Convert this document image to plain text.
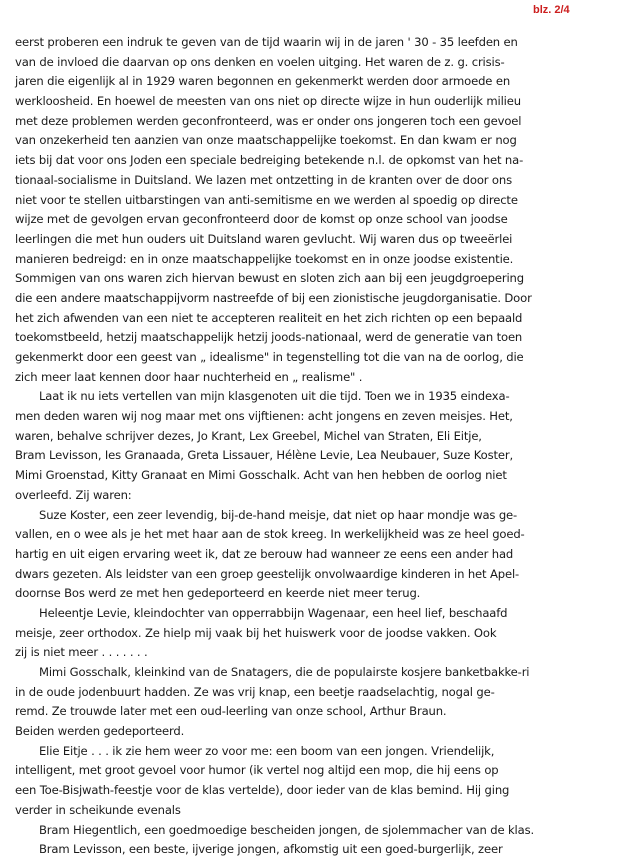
blz. 2/4
eerst proberen een indruk te geven van de tijd waarin wij in de jaren ' 30 - 35 leefden en
van de invloed die daarvan op ons denken en voelen uitging. Het waren de z. g. crisis-
jaren die eigenlijk al in 1929 waren begonnen en gekenmerkt werden door armoede en
werkloosheid. En hoewel de meesten van ons niet op directe wijze in hun ouderlijk milieu
met deze problemen werden geconfronteerd, was er onder ons jongeren toch een gevoel
van onzekerheid ten aanzien van onze maatschappelijke toekomst. En dan kwam er nog
iets bij dat voor ons Joden een speciale bedreiging betekende n.l. de opkomst van het na-
tionaal-socialisme in Duitsland. We lazen met ontzetting in de kranten over de door ons
niet voor te stellen uitbarstingen van anti-semitisme en we werden al spoedig op directe
wijze met de gevolgen ervan geconfronteerd door de komst op onze school van joodse
leerlingen die met hun ouders uit Duitsland waren gevlucht. Wij waren dus op tweeërlei
manieren bedreigd: en in onze maatschappelijke toekomst en in onze joodse existentie.
Sommigen van ons waren zich hiervan bewust en sloten zich aan bij een jeugdgroepering
die een andere maatschappijvorm nastreefde of bij een zionistische jeugdorganisatie. Door
het zich afwenden van een niet te accepteren realiteit en het zich richten op een bepaald
toekomstbeeld, hetzij maatschappelijk hetzij joods-nationaal, werd de generatie van toen
gekenmerkt door een geest van „ idealisme" in tegenstelling tot die van na de oorlog, die
zich meer laat kennen door haar nuchterheid en „ realisme" .
Laat ik nu iets vertellen van mijn klasgenoten uit die tijd. Toen we in 1935 eindexa-
men deden waren wij nog maar met ons vijftienen: acht jongens en zeven meisjes. Het,
waren, behalve schrijver dezes, Jo Krant, Lex Greebel, Michel van Straten, Eli Eitje,
Bram Levisson, Ies Granaada, Greta Lissauer, Hélène Levie, Lea Neubauer, Suze Koster,
Mimi Groenstad, Kitty Granaat en Mimi Gosschalk. Acht van hen hebben de oorlog niet
overleefd. Zij waren:
Suze Koster, een zeer levendig, bij-de-hand meisje, dat niet op haar mondje was ge-
vallen, en o wee als je het met haar aan de stok kreeg. In werkelijkheid was ze heel goed-
hartig en uit eigen ervaring weet ik, dat ze berouw had wanneer ze eens een ander had
dwars gezeten. Als leidster van een groep geestelijk onvolwaardige kinderen in het Apel-
doornse Bos werd ze met hen gedeporteerd en keerde niet meer terug.
Heleentje Levie, kleindochter van opperrabbijn Wagenaar, een heel lief, beschaafd
meisje, zeer orthodox. Ze hielp mij vaak bij het huiswerk voor de joodse vakken. Ook
zij is niet meer . . . . . . .
Mimi Gosschalk, kleinkind van de Snatagers, die de populairste kosjere banketbakke-ri
in de oude jodenbuurt hadden. Ze was vrij knap, een beetje raadselachtig, nogal ge-
remd. Ze trouwde later met een oud-leerling van onze school, Arthur Braun.
Beiden werden gedeporteerd.
Elie Eitje . . . ik zie hem weer zo voor me: een boom van een jongen. Vriendelijk,
intelligent, met groot gevoel voor humor (ik vertel nog altijd een mop, die hij eens op
een Toe-Bisjwath-feestje voor de klas vertelde), door ieder van de klas bemind. Hij ging
verder in scheikunde evenals
Bram Hiegentlich, een goedmoedige bescheiden jongen, de sjolemmacher van de klas.
Bram Levisson, een beste, ijverige jongen, afkomstig uit een goed-burgerlijk, zeer
